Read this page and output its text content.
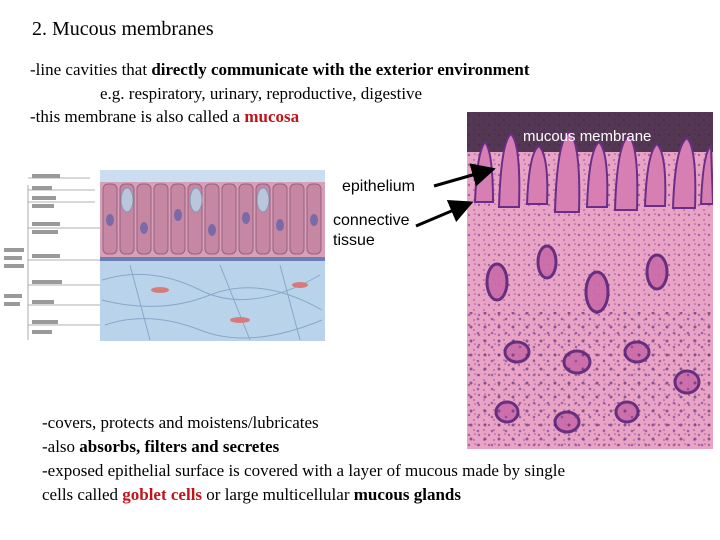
2. Mucous membranes
-line cavities that directly communicate with the exterior environment
e.g. respiratory, urinary, reproductive, digestive
-this membrane is also called a mucosa
mucous membrane
epithelium
connective
tissue
-covers, protects and moistens/lubricates
-also absorbs, filters and secretes
-exposed epithelial surface is covered with a layer of mucous made by single
cells called goblet cells or large multicellular mucous glands
